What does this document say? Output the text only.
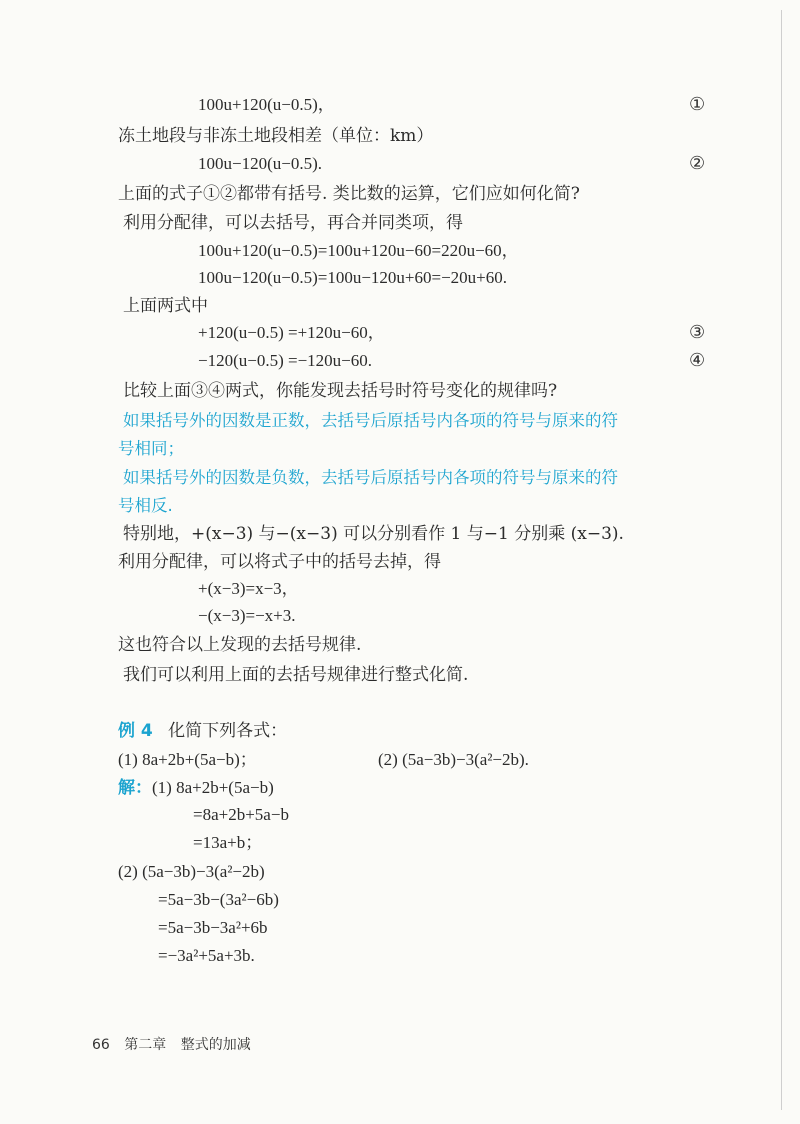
100u+120(u−0.5)，	①
冻土地段与非冻土地段相差（单位：km）
100u−120(u−0.5).	②
上面的式子①②都带有括号. 类比数的运算，它们应如何化简?
利用分配律，可以去括号，再合并同类项，得
100u+120(u−0.5)=100u+120u−60=220u−60，
100u−120(u−0.5)=100u−120u+60=−20u+60.
上面两式中
+120(u−0.5) =+120u−60，	③
−120(u−0.5) =−120u−60.	④
比较上面③④两式，你能发现去括号时符号变化的规律吗?
如果括号外的因数是正数，去括号后原括号内各项的符号与原来的符
号相同；
如果括号外的因数是负数，去括号后原括号内各项的符号与原来的符
号相反.
特别地，+(x−3) 与−(x−3) 可以分别看作 1 与−1 分别乘 (x−3).
利用分配律，可以将式子中的括号去掉，得
+(x−3)=x−3，
−(x−3)=−x+3.
这也符合以上发现的去括号规律.
我们可以利用上面的去括号规律进行整式化简.
例 4 化简下列各式：
(1) 8a+2b+(5a−b)；	(2) (5a−3b)−3(a²−2b).
解：(1) 8a+2b+(5a−b)
=8a+2b+5a−b
=13a+b；
(2) (5a−3b)−3(a²−2b)
=5a−3b−(3a²−6b)
=5a−3b−3a²+6b
=−3a²+5a+3b.
66 第二章 整式的加减
